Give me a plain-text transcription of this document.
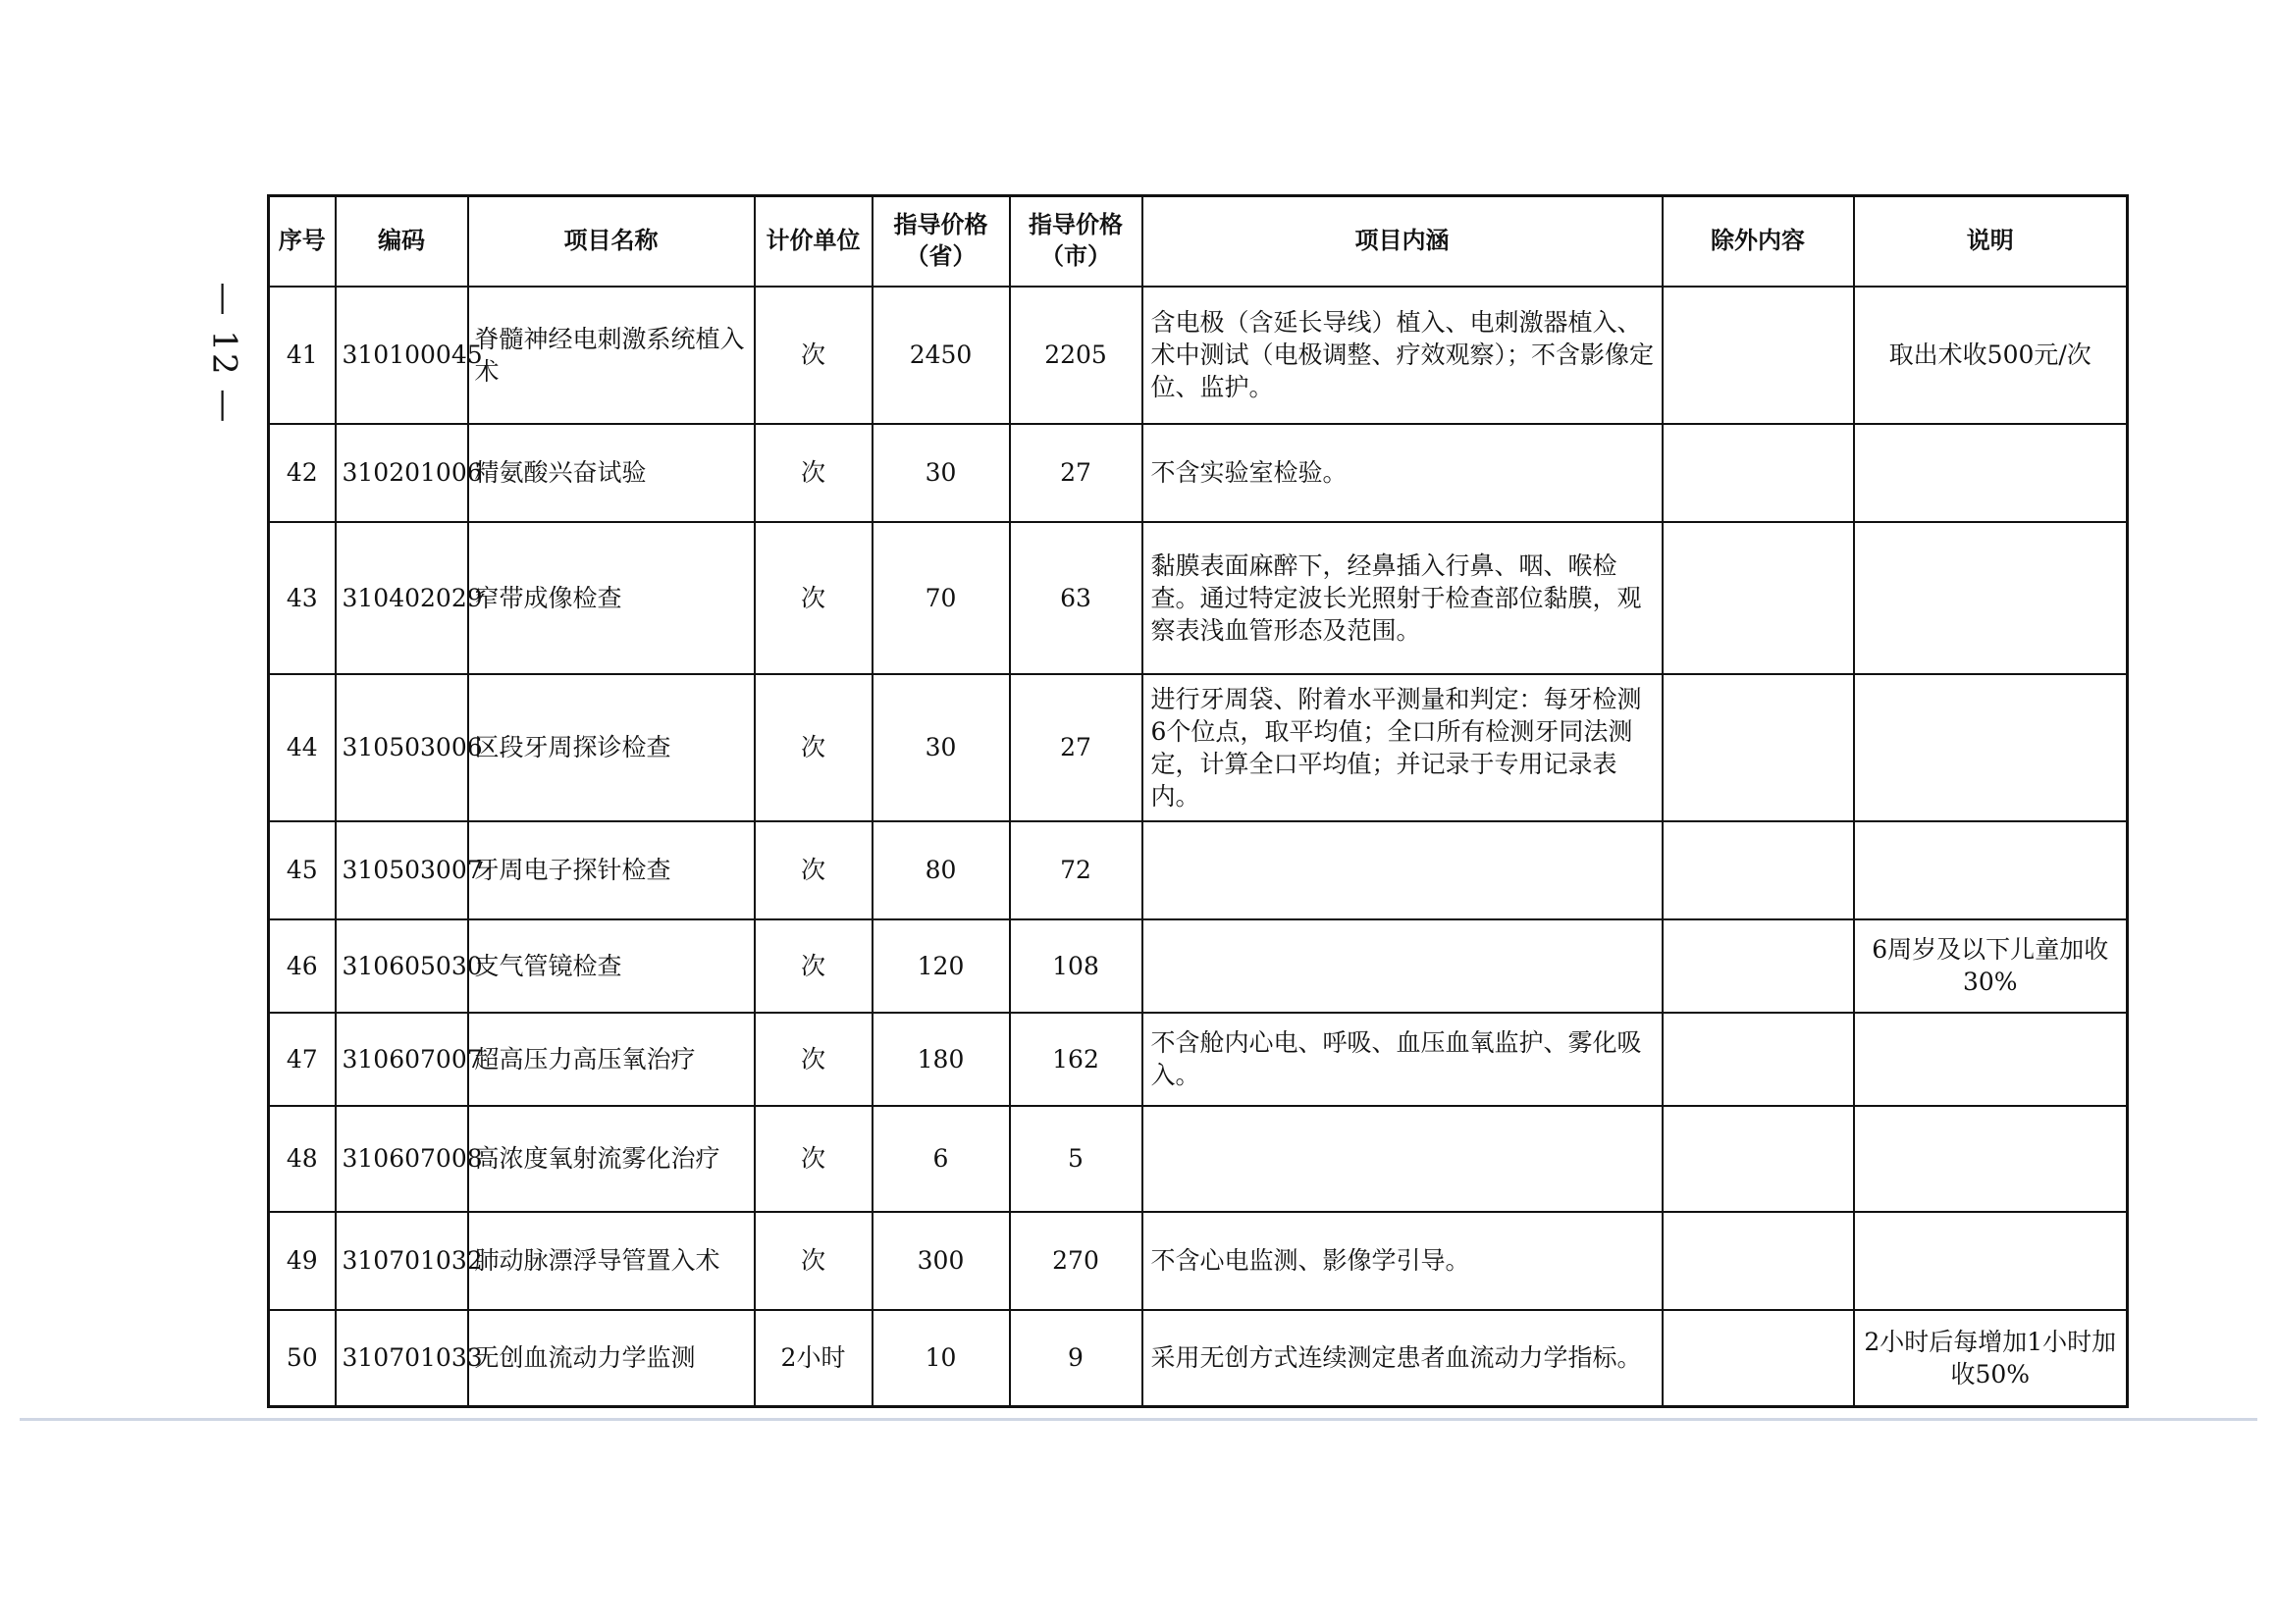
— 12 —
序号	编码	项目名称	计价单位	指导价格（省）	指导价格（市）	项目内涵	除外内容	说明
41	310100045	脊髓神经电刺激系统植入术	次	2450	2205	含电极（含延长导线）植入、电刺激器植入、术中测试（电极调整、疗效观察）；不含影像定位、监护。		取出术收500元/次
42	310201006	精氨酸兴奋试验	次	30	27	不含实验室检验。		
43	310402029	窄带成像检查	次	70	63	黏膜表面麻醉下，经鼻插入行鼻、咽、喉检查。通过特定波长光照射于检查部位黏膜，观察表浅血管形态及范围。		
44	310503006	区段牙周探诊检查	次	30	27	进行牙周袋、附着水平测量和判定：每牙检测6个位点，取平均值；全口所有检测牙同法测定，计算全口平均值；并记录于专用记录表内。		
45	310503007	牙周电子探针检查	次	80	72			
46	310605030	支气管镜检查	次	120	108			6周岁及以下儿童加收30%
47	310607007	超高压力高压氧治疗	次	180	162	不含舱内心电、呼吸、血压血氧监护、雾化吸入。		
48	310607008	高浓度氧射流雾化治疗	次	6	5			
49	310701032	肺动脉漂浮导管置入术	次	300	270	不含心电监测、影像学引导。		
50	310701033	无创血流动力学监测	2小时	10	9	采用无创方式连续测定患者血流动力学指标。		2小时后每增加1小时加收50%
